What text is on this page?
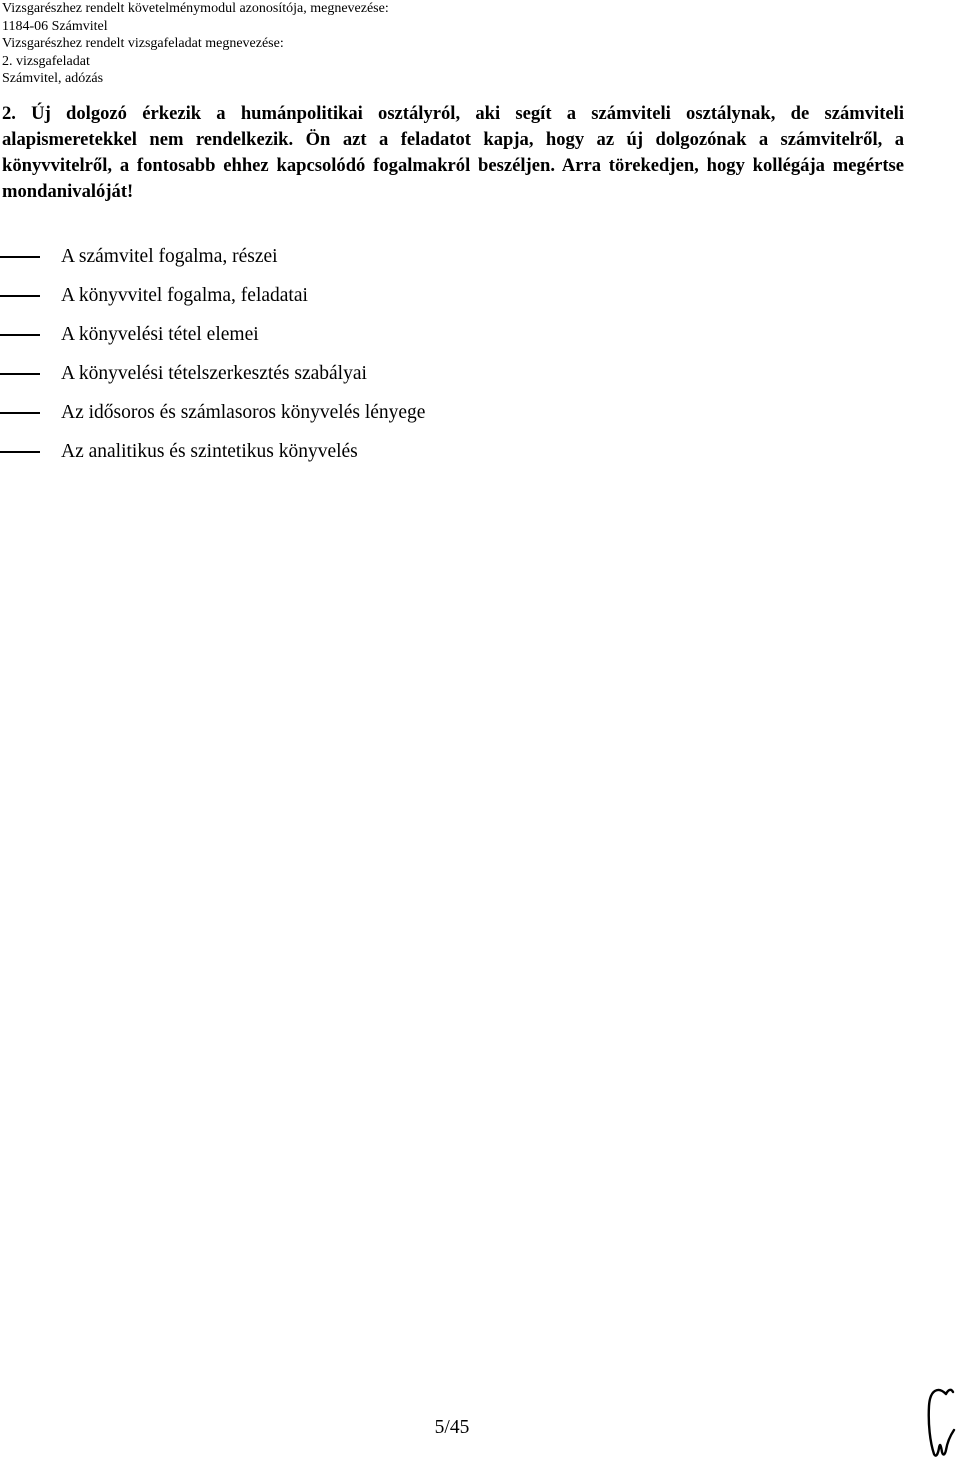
Vizsgarészhez rendelt követelménymodul azonosítója, megnevezése:
1184-06 Számvitel
Vizsgarészhez rendelt vizsgafeladat megnevezése:
2. vizsgafeladat
Számvitel, adózás
2. Új dolgozó érkezik a humánpolitikai osztályról, aki segít a számviteli osztálynak, de számviteli alapismeretekkel nem rendelkezik. Ön azt a feladatot kapja, hogy az új dolgozónak a számvitelről, a könyvvitelről, a fontosabb ehhez kapcsolódó fogalmakról beszéljen. Arra törekedjen, hogy kollégája megértse mondanivalóját!
A számvitel fogalma, részei
A könyvvitel fogalma, feladatai
A könyvelési tétel elemei
A könyvelési tételszerkesztés szabályai
Az idősoros és számlasoros könyvelés lényege
Az analitikus és szintetikus könyvelés
5/45
